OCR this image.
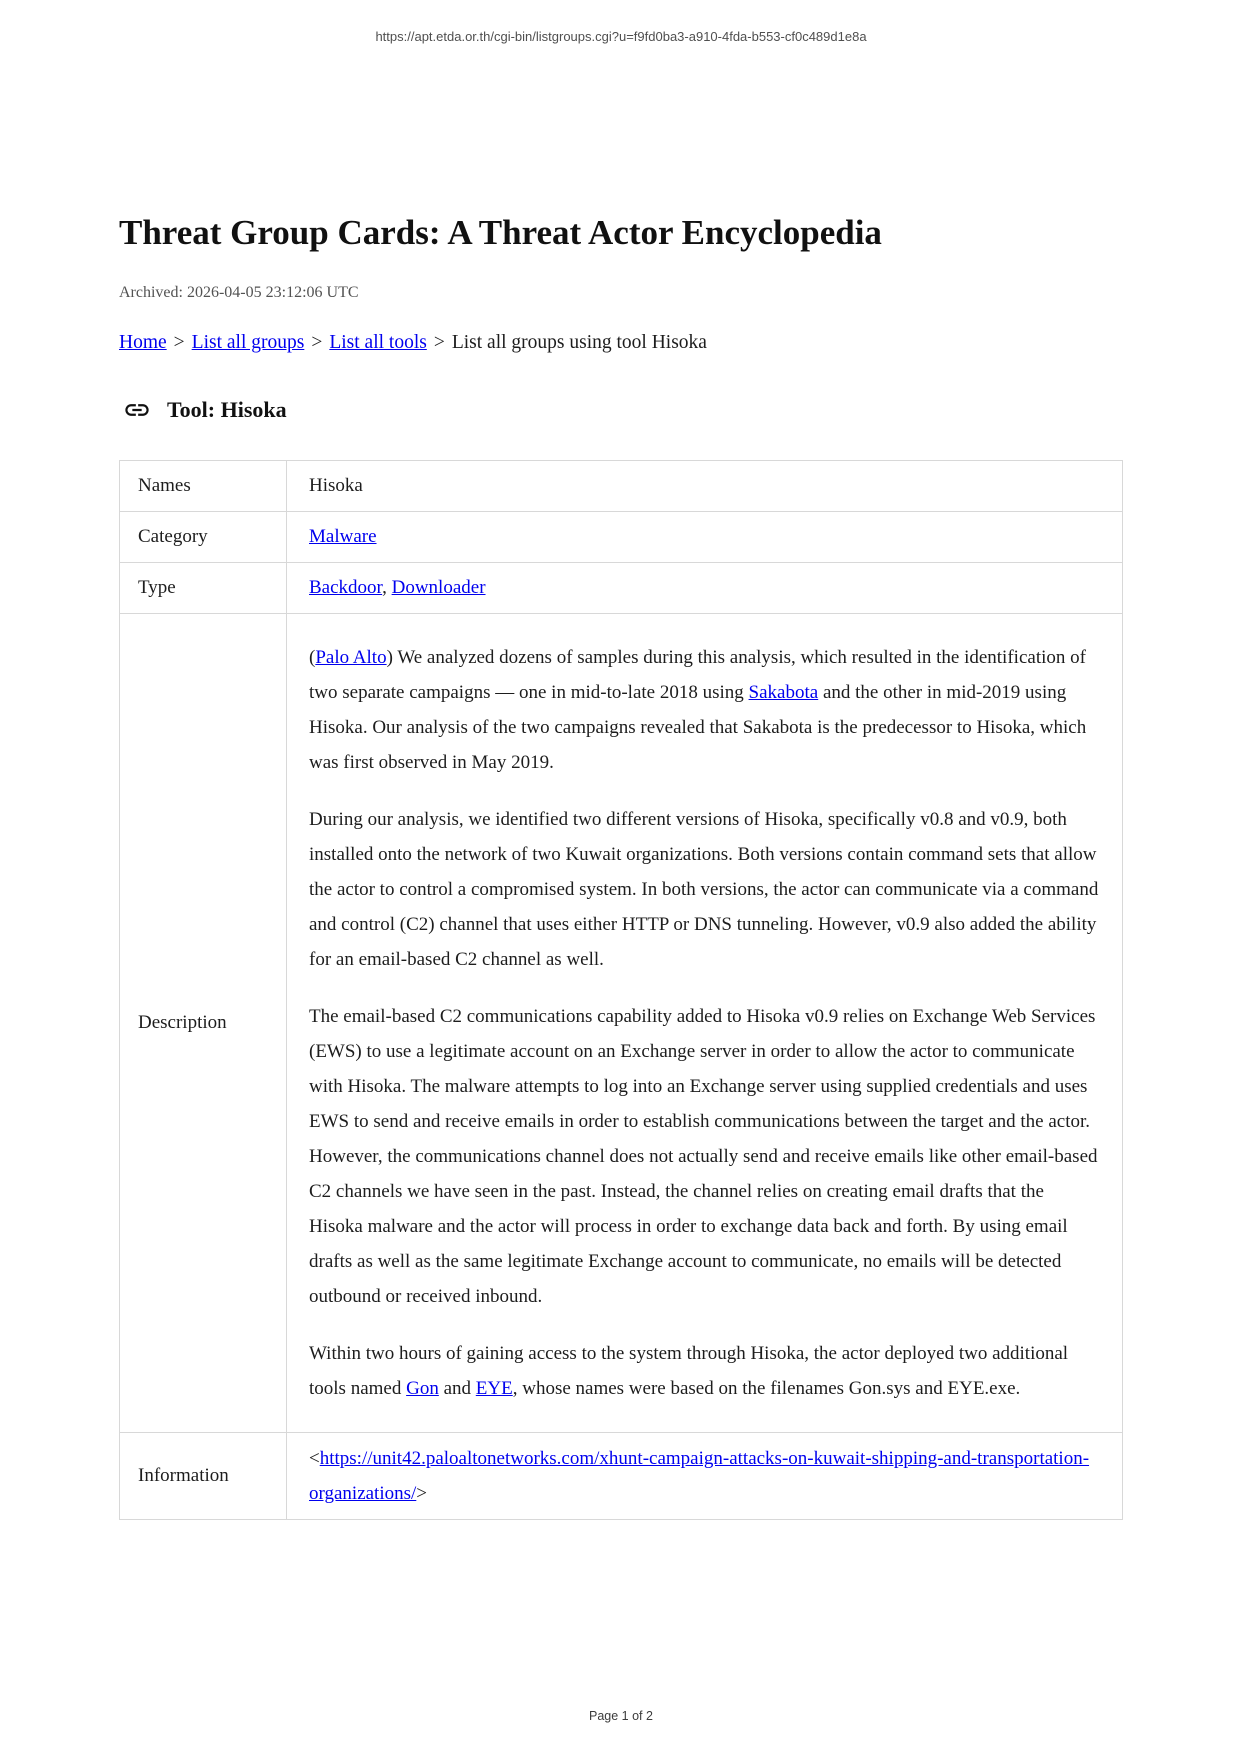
https://apt.etda.or.th/cgi-bin/listgroups.cgi?u=f9fd0ba3-a910-4fda-b553-cf0c489d1e8a
Threat Group Cards: A Threat Actor Encyclopedia
Archived: 2026-04-05 23:12:06 UTC
Home > List all groups > List all tools > List all groups using tool Hisoka
Tool: Hisoka
Names	Hisoka
Category	Malware
Type	Backdoor, Downloader
Description	(Palo Alto) We analyzed dozens of samples during this analysis, which resulted in the identification of two separate campaigns — one in mid-to-late 2018 using Sakabota and the other in mid-2019 using Hisoka. Our analysis of the two campaigns revealed that Sakabota is the predecessor to Hisoka, which was first observed in May 2019.

During our analysis, we identified two different versions of Hisoka, specifically v0.8 and v0.9, both installed onto the network of two Kuwait organizations. Both versions contain command sets that allow the actor to control a compromised system. In both versions, the actor can communicate via a command and control (C2) channel that uses either HTTP or DNS tunneling. However, v0.9 also added the ability for an email-based C2 channel as well.

The email-based C2 communications capability added to Hisoka v0.9 relies on Exchange Web Services (EWS) to use a legitimate account on an Exchange server in order to allow the actor to communicate with Hisoka. The malware attempts to log into an Exchange server using supplied credentials and uses EWS to send and receive emails in order to establish communications between the target and the actor. However, the communications channel does not actually send and receive emails like other email-based C2 channels we have seen in the past. Instead, the channel relies on creating email drafts that the Hisoka malware and the actor will process in order to exchange data back and forth. By using email drafts as well as the same legitimate Exchange account to communicate, no emails will be detected outbound or received inbound.

Within two hours of gaining access to the system through Hisoka, the actor deployed two additional tools named Gon and EYE, whose names were based on the filenames Gon.sys and EYE.exe.

Information	<https://unit42.paloaltonetworks.com/xhunt-campaign-attacks-on-kuwait-shipping-and-transportation-organizations/>
Page 1 of 2
